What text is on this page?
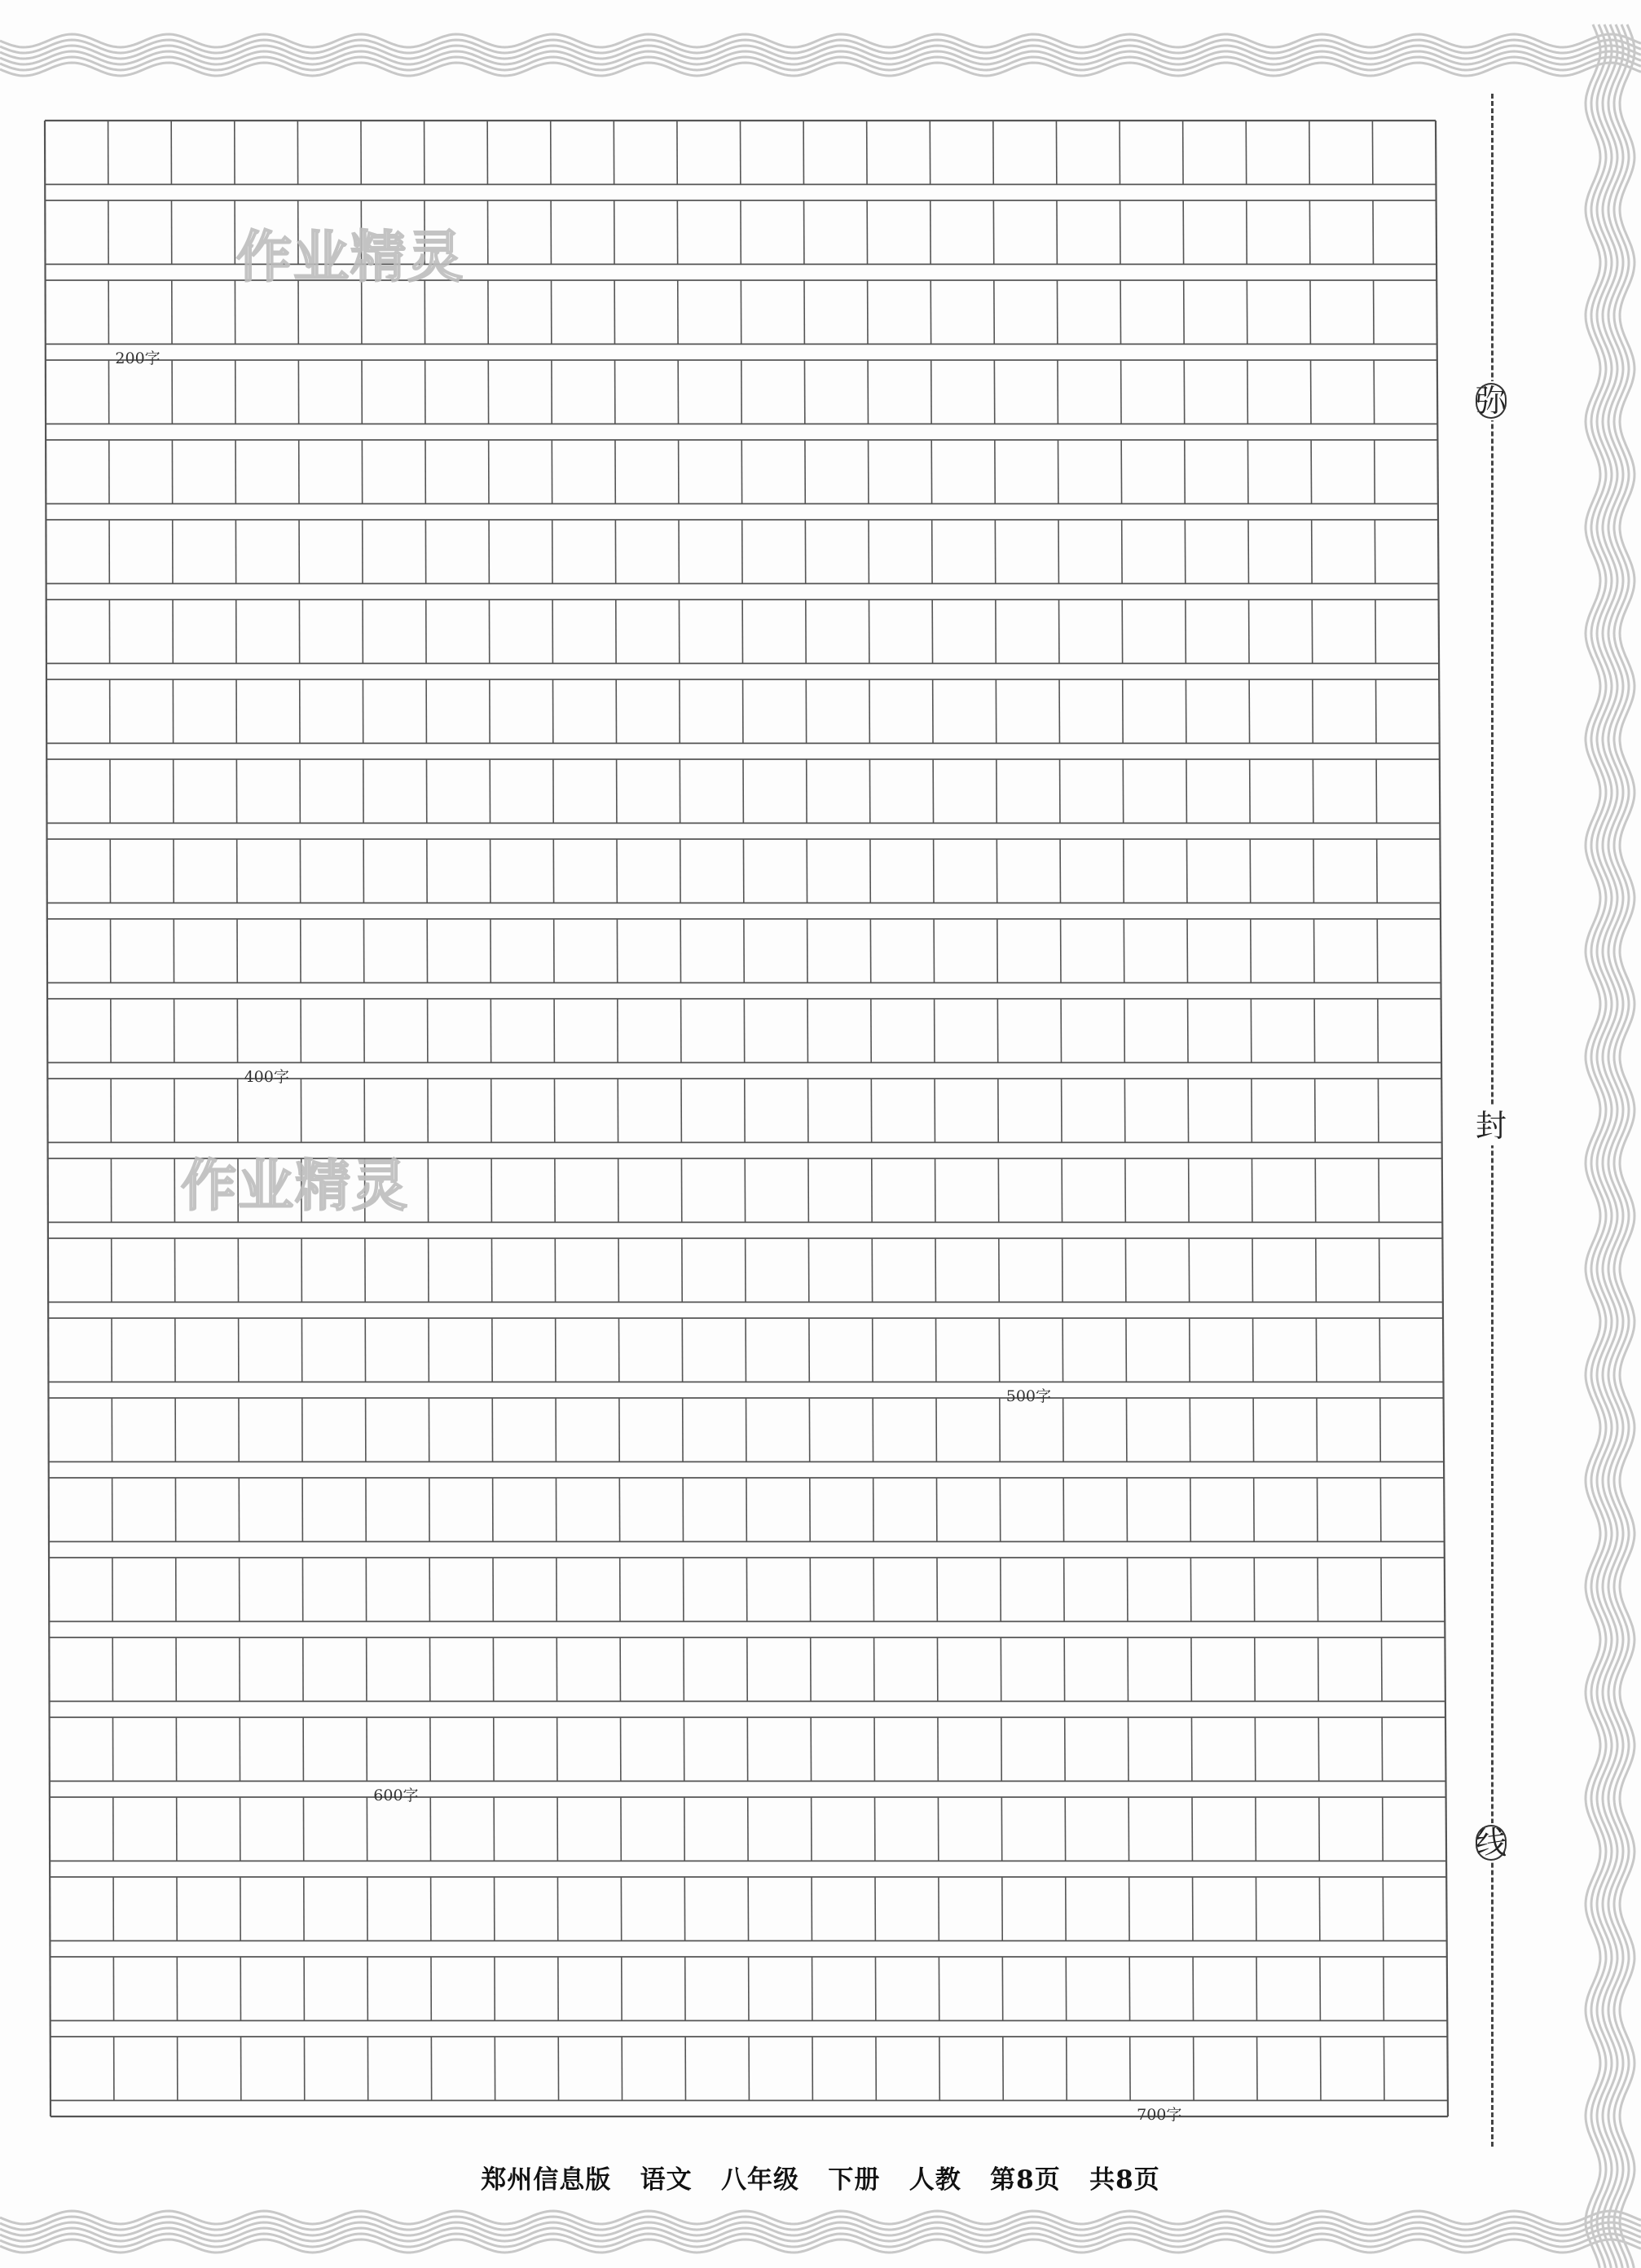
作业精灵
作业精灵
200字
400字
500字
600字
700字
弥
封
线
郑州信息版   语文   八年级   下册   人教   第8页   共8页
